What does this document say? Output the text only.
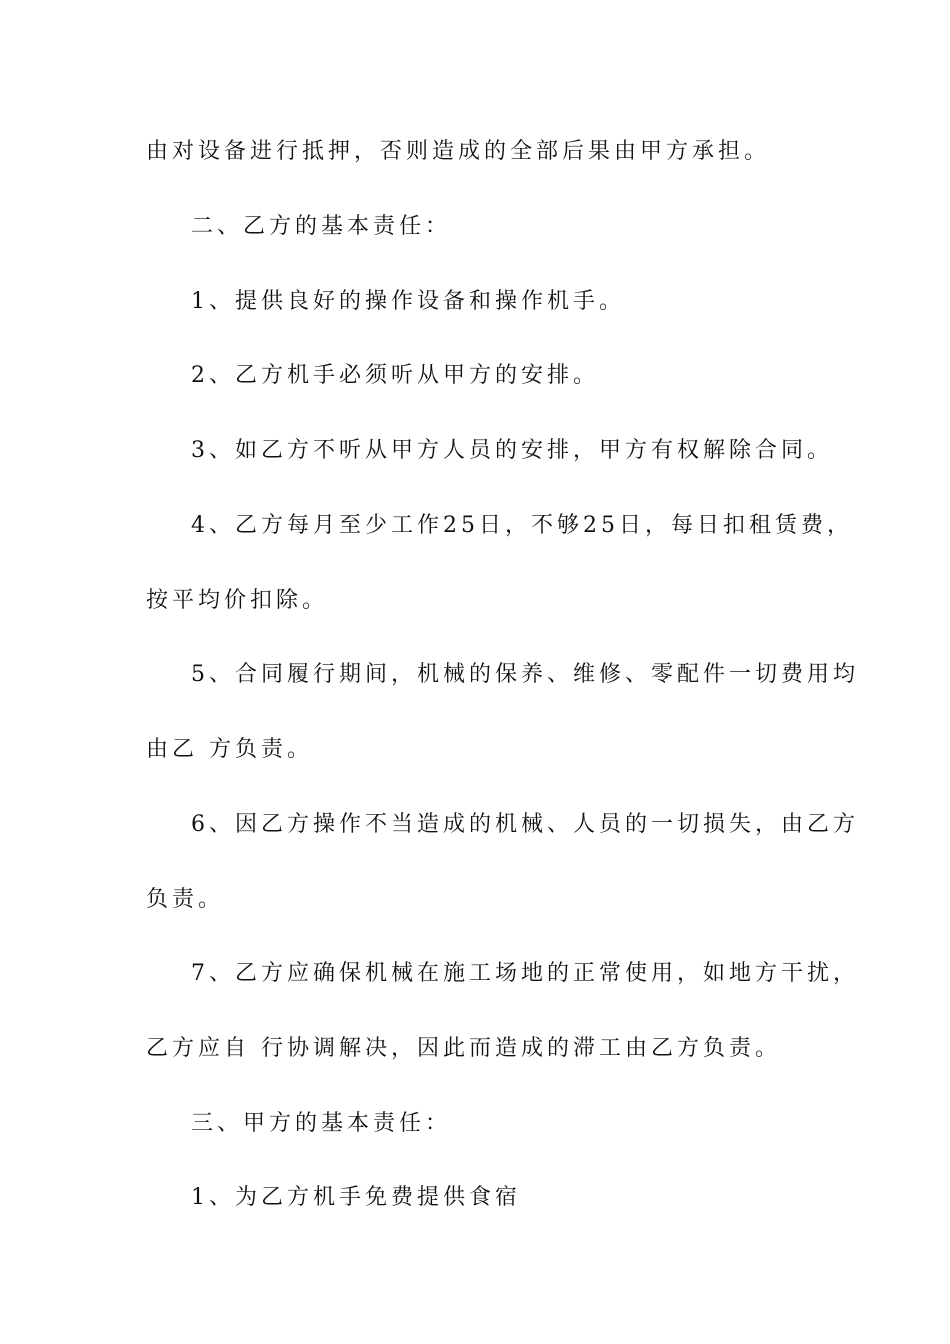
由对设备进行抵押，否则造成的全部后果由甲方承担。
二、乙方的基本责任：
1、提供良好的操作设备和操作机手。
2、乙方机手必须听从甲方的安排。
3、如乙方不听从甲方人员的安排，甲方有权解除合同。
4、乙方每月至少工作25日，不够25日，每日扣租赁费，
按平均价扣除。
5、合同履行期间，机械的保养、维修、零配件一切费用均
由乙 方负责。
6、因乙方操作不当造成的机械、人员的一切损失，由乙方
负责。
7、乙方应确保机械在施工场地的正常使用，如地方干扰，
乙方应自 行协调解决，因此而造成的滞工由乙方负责。
三、甲方的基本责任：
1、为乙方机手免费提供食宿
